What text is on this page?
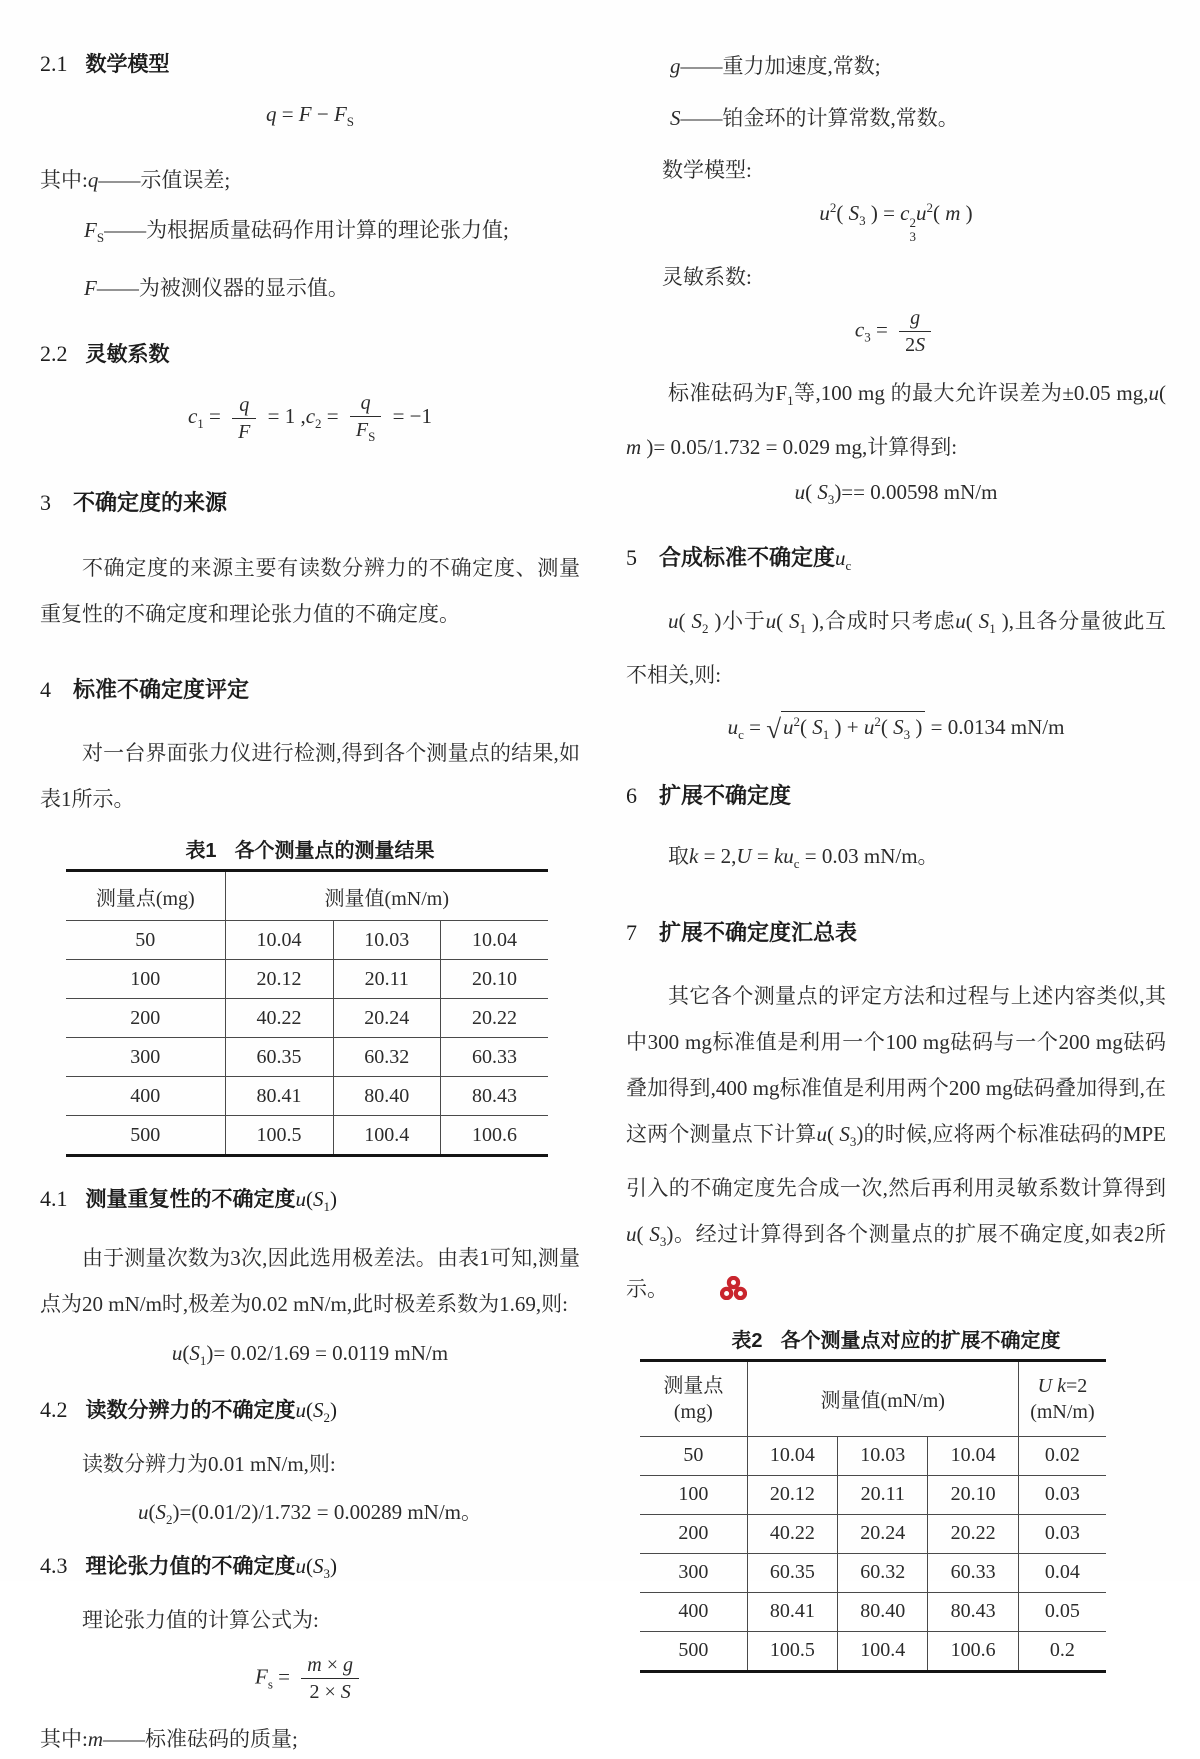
2.1 数学模型
$q = F - F_S$

其中:q——示值误差;

$F_S——$为根据质量砝码作用计算的理论张力值;

F——为被测仪器的显示值。

2.2 灵敏系数
$c_1 = \frac{q}{F} = 1$ $,c_2 = \frac{q}{F_S} = -1$
3 不确定度的来源

不确定度的来源主要有读数分辨力的不确定度、测量重复性的不确定度和理论张力值的不确定度。

4 标准不确定度评定

对一台界面张力仪进行检测,得到各个测量点的结果,如表1所示。

表1 各个测量点的测量结果
测量点(mg)	测量值(mN/m)		
50	10.04	10.03	10.04
100	20.12	20.11	20.10
200	40.22	20.24	20.22
300	60.35	60.32	60.33
400	80.41	80.40	80.43
500	100.5	100.4	100.6
4.1 测量重复性的不确定度$u(S_1)$

由于测量次数为3次,因此选用极差法。由表1可知,测量点为20 mN/m时,极差为0.02 mN/m,此时极差系数为1.69,则:

$u(S_1)= 0.02/1.69 = 0.0119$ mN/m
4.2 读数分辨力的不确定度$u(S_2)$

读数分辨力为0.01 mN/m,则:

$u(S_2)=(0.01/2)/1.732 = 0.00289$ mN/m。
4.3 理论张力值的不确定度$u(S_3)$

理论张力值的计算公式为:

$F_s = \frac{m \times g}{2 \times S}$

其中:m——标准砝码的质量;

g——重力加速度,常数;

S——铂金环的计算常数,常数。

数学模型:

$u^2$( $S_3$ ) = c 2
3
$u^2$( m )

灵敏系数:

$c_3 = \frac{g}{2S}$

标准砝码为$F_1$等,100 mg 的最大允许误差为±0.05 mg,u( m )= 0.05/1.732 = 0.029 mg,计算得到:

u( $S_3)== 0.00598$ mN/m
5 合成标准不确定度$u_c$

u( $S_2$ )小于u( $S_1$ ),合成时只考虑u( $S_1$ ),且各分量彼此互不相关,则:

$u_c = √u^2$( $S_1$ ) + $u^2$( $S_3$ ) = 0.0134 mN/m
6 扩展不确定度

取$k = 2,U = ku_c = 0.03$ mN/m。

7 扩展不确定度汇总表

其它各个测量点的评定方法和过程与上述内容类似,其中300 mg标准值是利用一个100 mg砝码与一个200 mg砝码叠加得到,400 mg标准值是利用两个200 mg砝码叠加得到,在这两个测量点下计算u( $S_3$)的时候,应将两个标准砝码的MPE引入的不确定度先合成一次,然后再利用灵敏系数计算得到u( $S_3$)。经过计算得到各个测量点的扩展不确定度,如表2所示。

表2 各个测量点对应的扩展不确定度
测量点
(mg)	测量值(mN/m)	
U k=2
(mN/m)

50	10.04	10.03	10.04	0.02
100	20.12	20.11	20.10	0.03
200	40.22	20.24	20.22	0.03
300	60.35	60.32	60.33	0.04
400	80.41	80.40	80.43	0.05
500	100.5	100.4	100.6	0.2
